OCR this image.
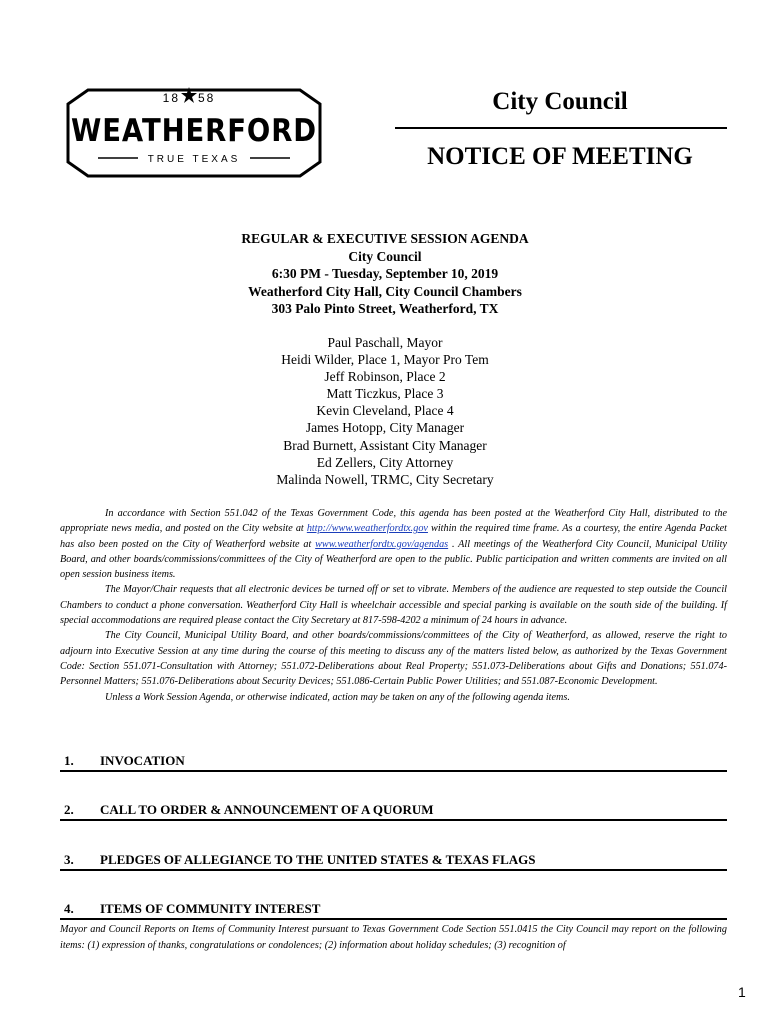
18 58
WEATHERFORD
TRUE TEXAS
City Council
NOTICE OF MEETING
REGULAR & EXECUTIVE SESSION AGENDA
City Council
6:30 PM - Tuesday, September 10, 2019
Weatherford City Hall, City Council Chambers
303 Palo Pinto Street, Weatherford, TX
Paul Paschall, Mayor
Heidi Wilder, Place 1, Mayor Pro Tem
Jeff Robinson, Place 2
Matt Ticzkus, Place 3
Kevin Cleveland, Place 4
James Hotopp, City Manager
Brad Burnett, Assistant City Manager
Ed Zellers, City Attorney
Malinda Nowell, TRMC, City Secretary

In accordance with Section 551.042 of the Texas Government Code, this agenda has been posted at the Weatherford City Hall, distributed to the appropriate news media, and posted on the City website at http://www.weatherfordtx.gov within the required time frame. As a courtesy, the entire Agenda Packet has also been posted on the City of Weatherford website at www.weatherfordtx.gov/agendas . All meetings of the Weatherford City Council, Municipal Utility Board, and other boards/commissions/committees of the City of Weatherford are open to the public. Public participation and written comments are invited on all open session business items.

The Mayor/Chair requests that all electronic devices be turned off or set to vibrate. Members of the audience are requested to step outside the Council Chambers to conduct a phone conversation. Weatherford City Hall is wheelchair accessible and special parking is available on the south side of the building. If special accommodations are required please contact the City Secretary at 817-598-4202 a minimum of 24 hours in advance.

The City Council, Municipal Utility Board, and other boards/commissions/committees of the City of Weatherford, as allowed, reserve the right to adjourn into Executive Session at any time during the course of this meeting to discuss any of the matters listed below, as authorized by the Texas Government Code: Section 551.071-Consultation with Attorney; 551.072-Deliberations about Real Property; 551.073-Deliberations about Gifts and Donations; 551.074-Personnel Matters; 551.076-Deliberations about Security Devices; 551.086-Certain Public Power Utilities; and 551.087-Economic Development.

Unless a Work Session Agenda, or otherwise indicated, action may be taken on any of the following agenda items.

1. INVOCATION
2. CALL TO ORDER & ANNOUNCEMENT OF A QUORUM
3. PLEDGES OF ALLEGIANCE TO THE UNITED STATES & TEXAS FLAGS
4. ITEMS OF COMMUNITY INTEREST
Mayor and Council Reports on Items of Community Interest pursuant to Texas Government Code Section 551.0415 the City Council may report on the following items: (1) expression of thanks, congratulations or condolences; (2) information about holiday schedules; (3) recognition of
1
